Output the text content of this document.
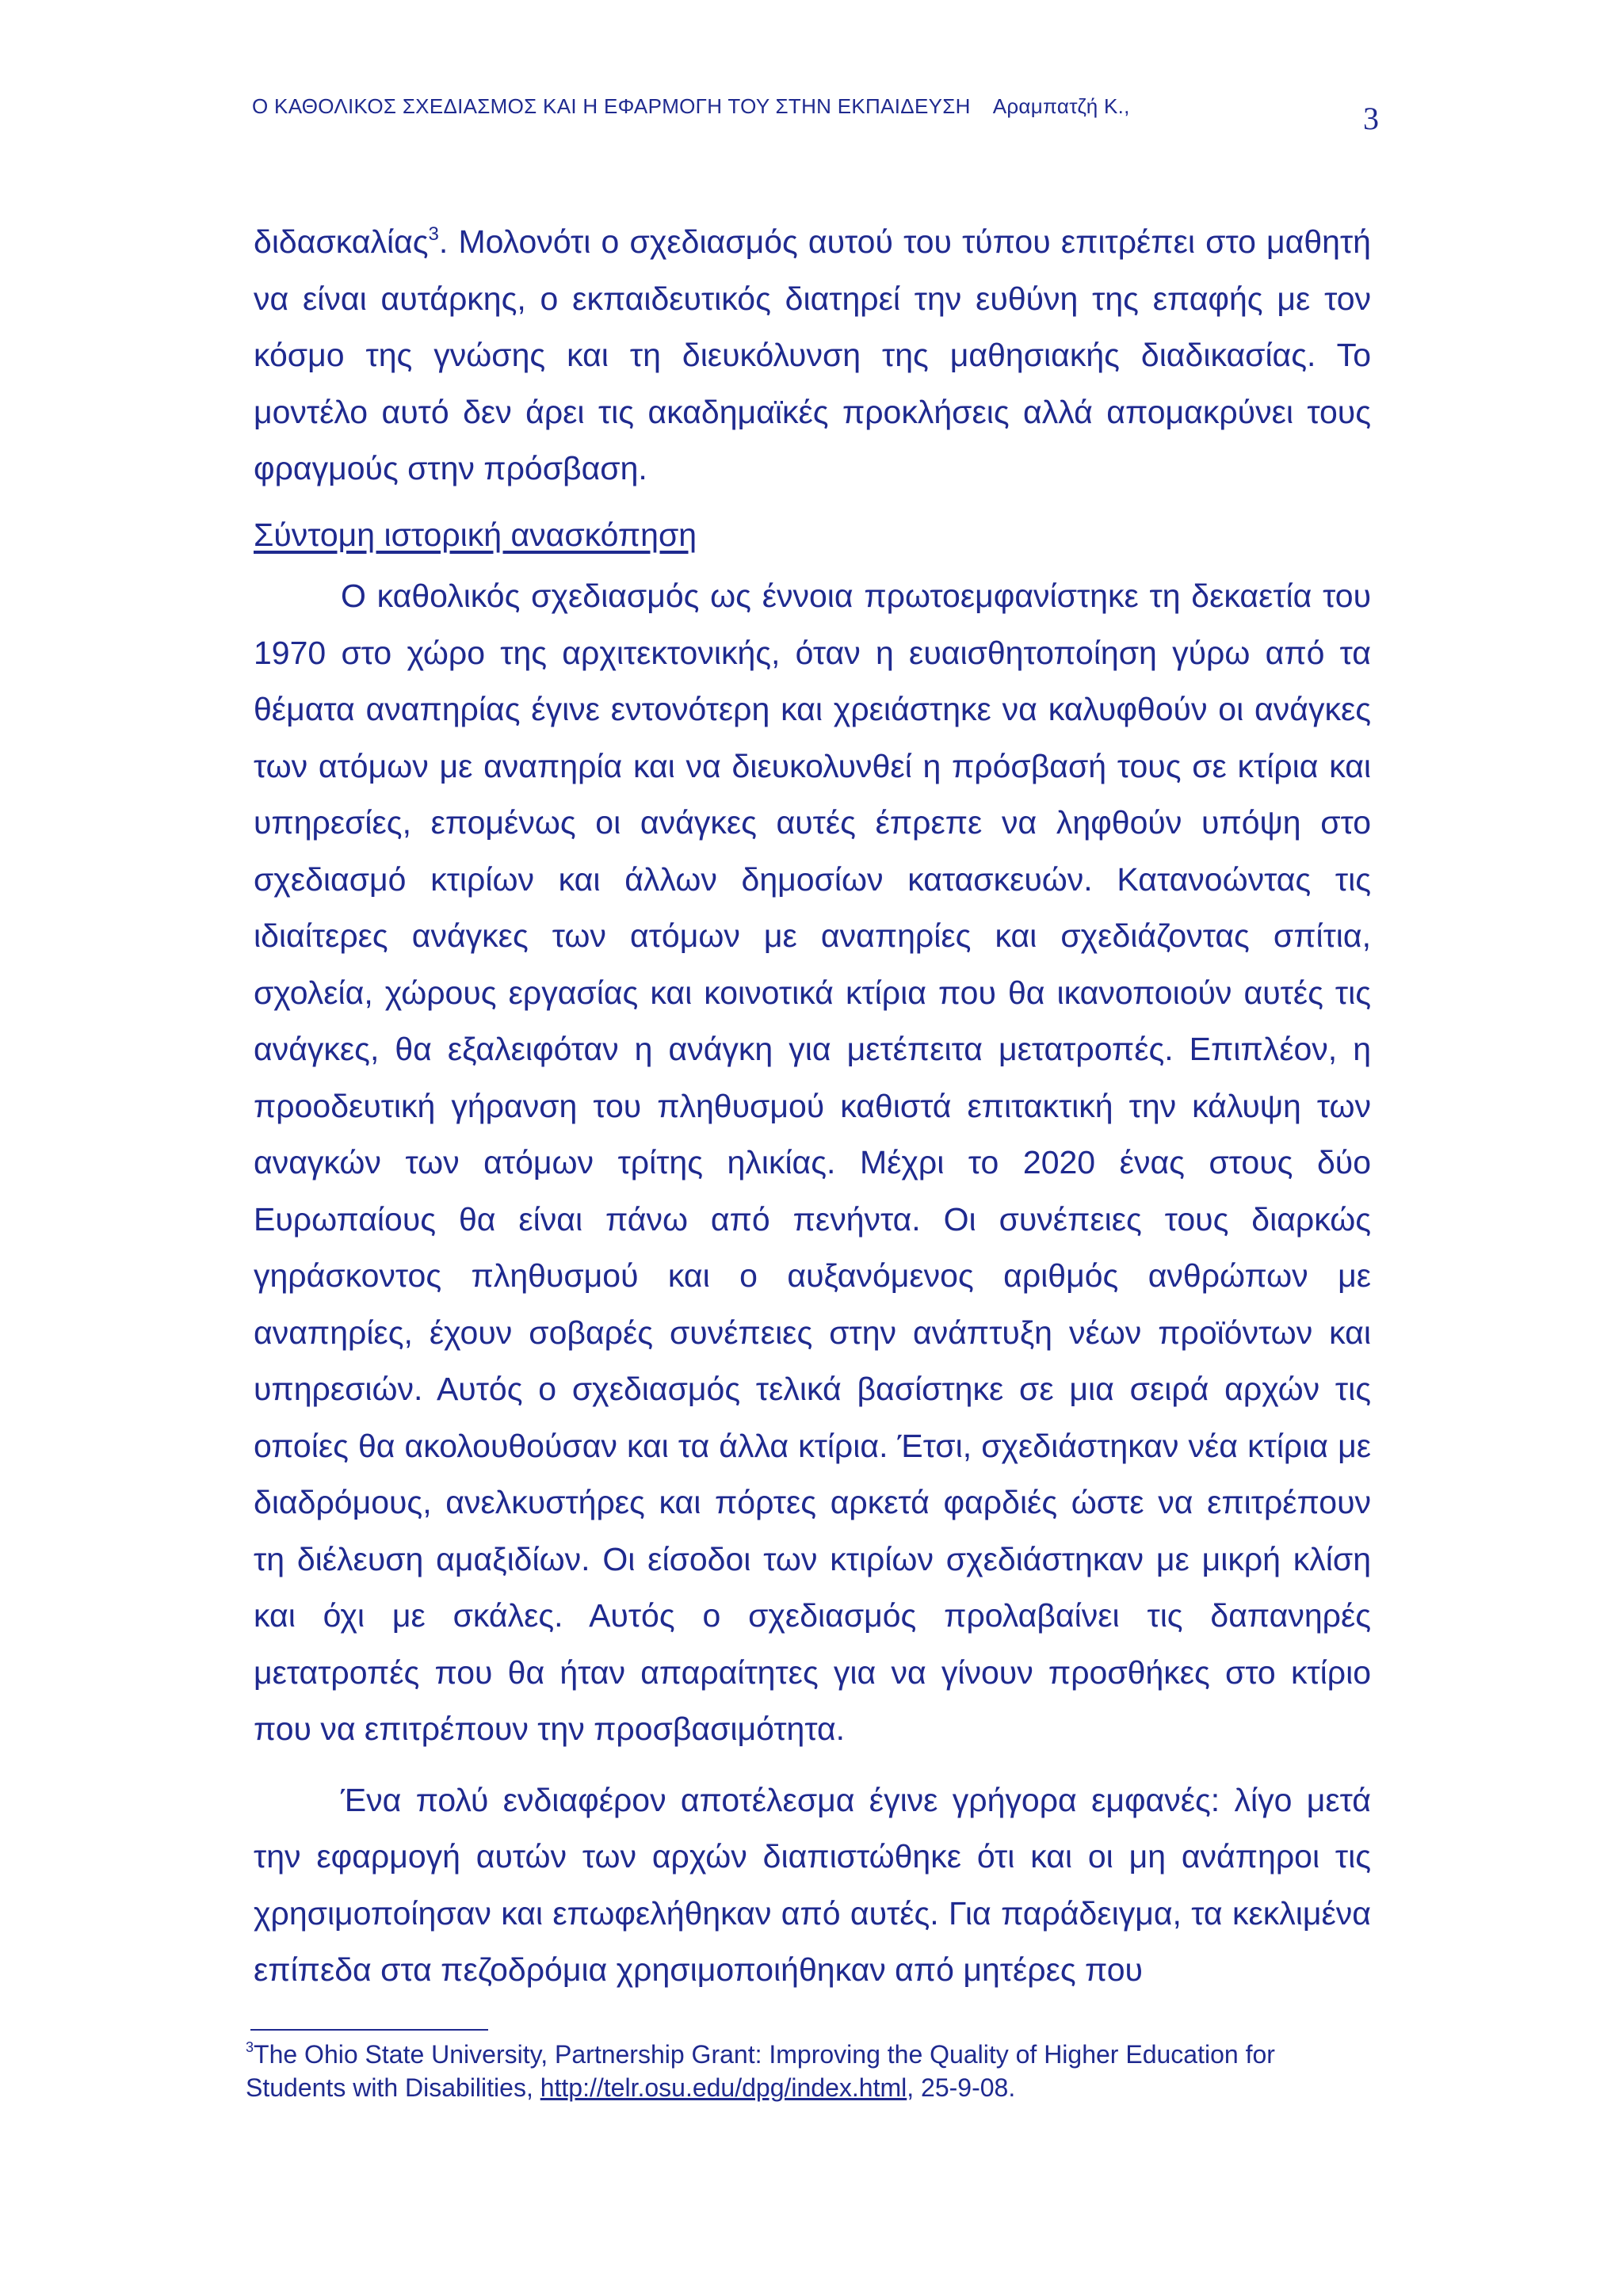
Ο ΚΑΘΟΛΙΚΟΣ ΣΧΕΔΙΑΣΜΟΣ ΚΑΙ Η ΕΦΑΡΜΟΓΗ ΤΟΥ ΣΤΗΝ ΕΚΠΑΙΔΕΥΣΗ Αραμπατζή Κ.,	3

διδασκαλίας$^3$. Μολονότι ο σχεδιασμός αυτού του τύπου επιτρέπει στο μαθητή να είναι αυτάρκης, ο εκπαιδευτικός διατηρεί την ευθύνη της επαφής με τον κόσμο της γνώσης και τη διευκόλυνση της μαθησιακής διαδικασίας. Το μοντέλο αυτό δεν άρει τις ακαδημαϊκές προκλήσεις αλλά απομακρύνει τους φραγμούς στην πρόσβαση.

Σύντομη ιστορική ανασκόπηση

Ο καθολικός σχεδιασμός ως έννοια πρωτοεμφανίστηκε τη δεκαετία του 1970 στο χώρο της αρχιτεκτονικής, όταν η ευαισθητοποίηση γύρω από τα θέματα αναπηρίας έγινε εντονότερη και χρειάστηκε να καλυφθούν οι ανάγκες των ατόμων με αναπηρία και να διευκολυνθεί η πρόσβασή τους σε κτίρια και υπηρεσίες, επομένως οι ανάγκες αυτές έπρεπε να ληφθούν υπόψη στο σχεδιασμό κτιρίων και άλλων δημοσίων κατασκευών. Κατανοώντας τις ιδιαίτερες ανάγκες των ατόμων με αναπηρίες και σχεδιάζοντας σπίτια, σχολεία, χώρους εργασίας και κοινοτικά κτίρια που θα ικανοποιούν αυτές τις ανάγκες, θα εξαλειφόταν η ανάγκη για μετέπειτα μετατροπές. Επιπλέον, η προοδευτική γήρανση του πληθυσμού καθιστά επιτακτική την κάλυψη των αναγκών των ατόμων τρίτης ηλικίας. Μέχρι το 2020 ένας στους δύο Ευρωπαίους θα είναι πάνω από πενήντα. Οι συνέπειες τους διαρκώς γηράσκοντος πληθυσμού και ο αυξανόμενος αριθμός ανθρώπων με αναπηρίες, έχουν σοβαρές συνέπειες στην ανάπτυξη νέων προϊόντων και υπηρεσιών. Αυτός ο σχεδιασμός τελικά βασίστηκε σε μια σειρά αρχών τις οποίες θα ακολουθούσαν και τα άλλα κτίρια. Έτσι, σχεδιάστηκαν νέα κτίρια με διαδρόμους, ανελκυστήρες και πόρτες αρκετά φαρδιές ώστε να επιτρέπουν τη διέλευση αμαξιδίων. Οι είσοδοι των κτιρίων σχεδιάστηκαν με μικρή κλίση και όχι με σκάλες. Αυτός ο σχεδιασμός προλαβαίνει τις δαπανηρές μετατροπές που θα ήταν απαραίτητες για να γίνουν προσθήκες στο κτίριο που να επιτρέπουν την προσβασιμότητα.

Ένα πολύ ενδιαφέρον αποτέλεσμα έγινε γρήγορα εμφανές: λίγο μετά την εφαρμογή αυτών των αρχών διαπιστώθηκε ότι και οι μη ανάπηροι τις χρησιμοποίησαν και επωφελήθηκαν από αυτές. Για παράδειγμα, τα κεκλιμένα επίπεδα στα πεζοδρόμια χρησιμοποιήθηκαν από μητέρες που

$^3$The Ohio State University, Partnership Grant: Improving the Quality of Higher Education for Students with Disabilities, http://telr.osu.edu/dpg/index.html, 25-9-08.
